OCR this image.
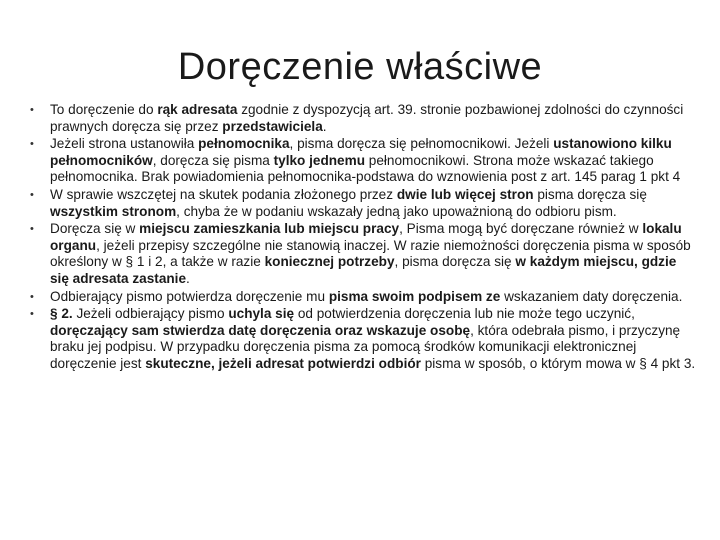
Doręczenie właściwe
•	To doręczenie do rąk adresata zgodnie z dyspozycją art. 39. stronie pozbawionej zdolności do czynności prawnych doręcza się przez przedstawiciela.
•	Jeżeli strona ustanowiła pełnomocnika, pisma doręcza się pełnomocnikowi. Jeżeli ustanowiono kilku pełnomocników, doręcza się pisma tylko jednemu pełnomocnikowi. Strona może wskazać takiego pełnomocnika. Brak powiadomienia pełnomocnika-podstawa do wznowienia post z art. 145 parag 1 pkt 4
•	W sprawie wszczętej na skutek podania złożonego przez dwie lub więcej stron pisma doręcza się wszystkim stronom, chyba że w podaniu wskazały jedną jako upoważnioną do odbioru pism.
•	Doręcza się w miejscu zamieszkania lub miejscu pracy, Pisma mogą być doręczane również w lokalu organu, jeżeli przepisy szczególne nie stanowią inaczej. W razie niemożności doręczenia pisma w sposób określony w § 1 i 2, a także w razie koniecznej potrzeby, pisma doręcza się w każdym miejscu, gdzie się adresata zastanie.
•	Odbierający pismo potwierdza doręczenie mu pisma swoim podpisem ze wskazaniem daty doręczenia.
•	§ 2. Jeżeli odbierający pismo uchyla się od potwierdzenia doręczenia lub nie może tego uczynić, doręczający sam stwierdza datę doręczenia oraz wskazuje osobę, która odebrała pismo, i przyczynę braku jej podpisu. W przypadku doręczenia pisma za pomocą środków komunikacji elektronicznej doręczenie jest skuteczne, jeżeli adresat potwierdzi odbiór pisma w sposób, o którym mowa w § 4 pkt 3.
